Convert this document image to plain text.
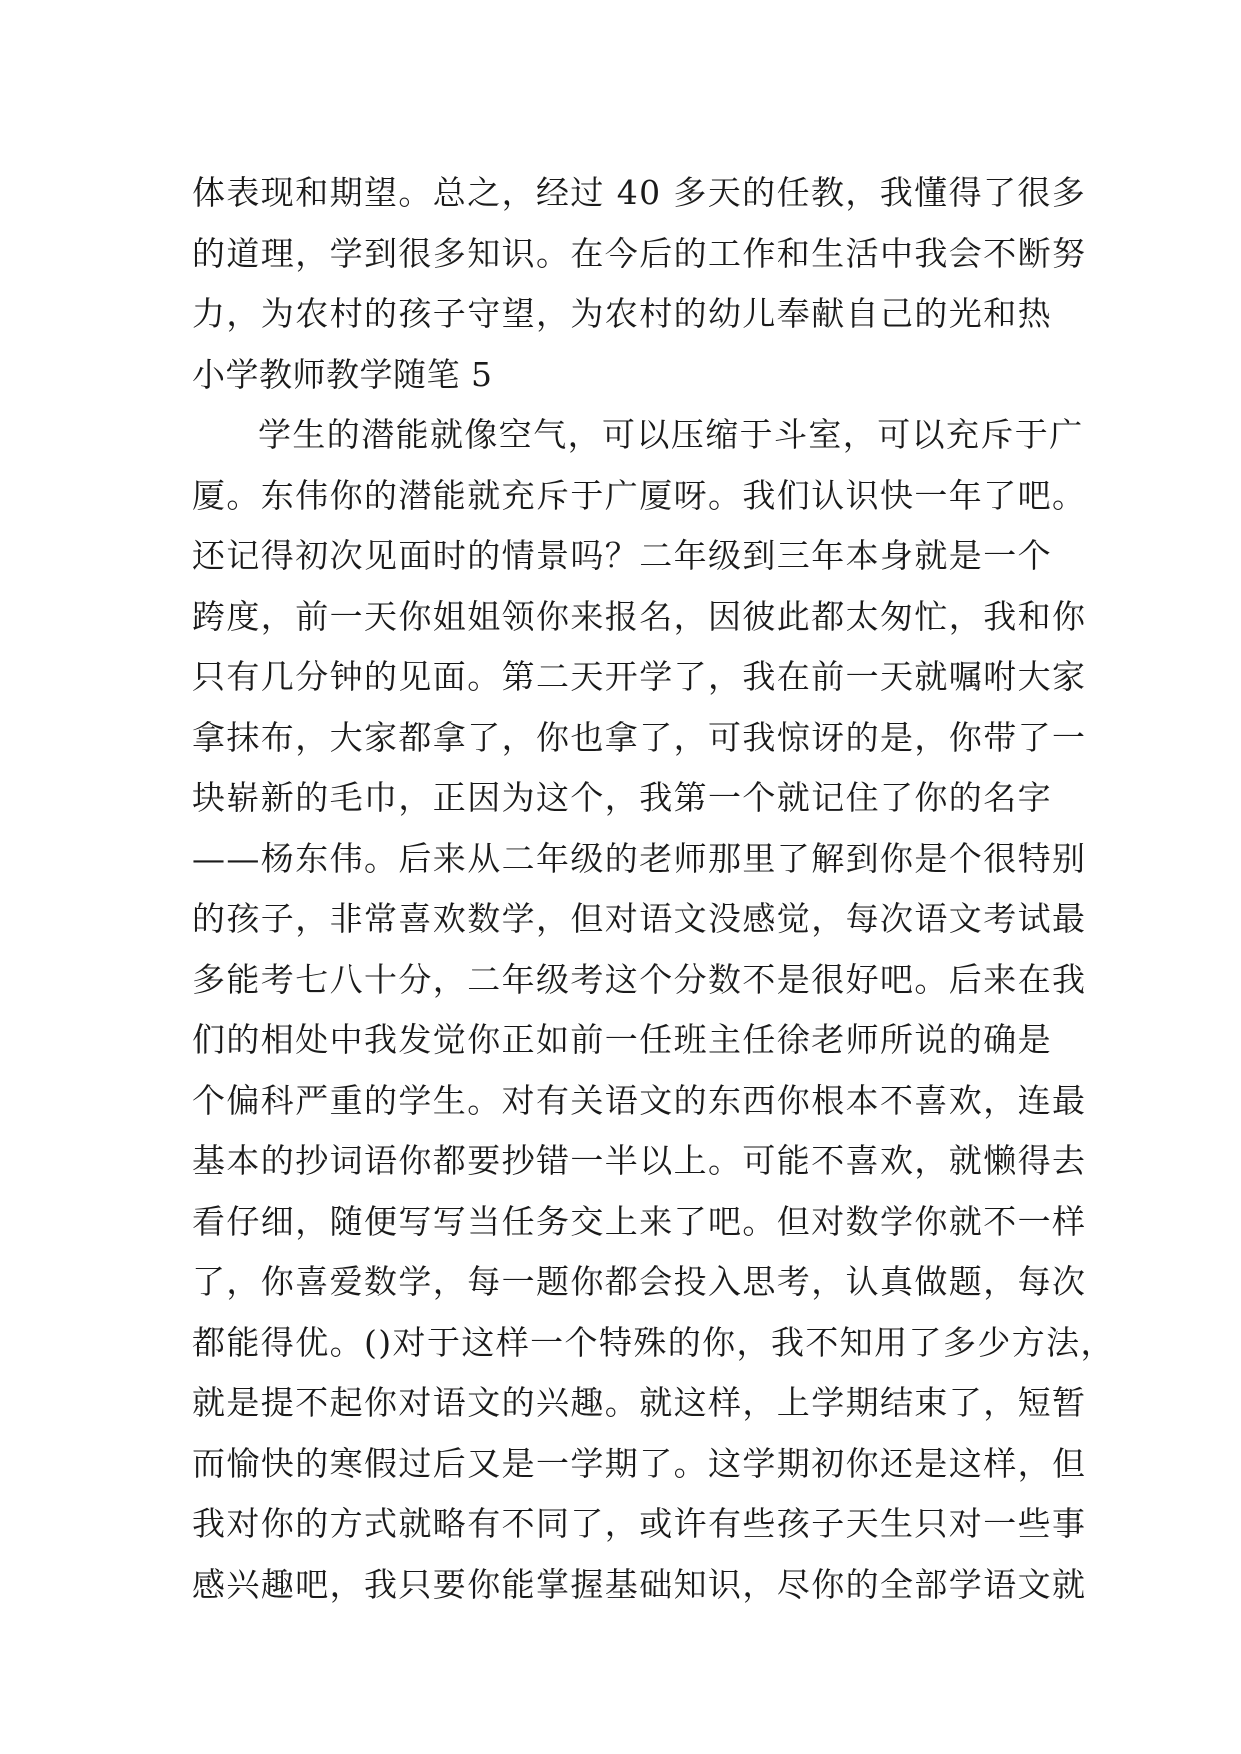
体表现和期望。总之，经过 40 多天的任教，我懂得了很多
的道理，学到很多知识。在今后的工作和生活中我会不断努
力，为农村的孩子守望，为农村的幼儿奉献自己的光和热
小学教师教学随笔 5
学生的潜能就像空气，可以压缩于斗室，可以充斥于广
厦。东伟你的潜能就充斥于广厦呀。我们认识快一年了吧。
还记得初次见面时的情景吗？二年级到三年本身就是一个
跨度，前一天你姐姐领你来报名，因彼此都太匆忙，我和你
只有几分钟的见面。第二天开学了，我在前一天就嘱咐大家
拿抹布，大家都拿了，你也拿了，可我惊讶的是，你带了一
块崭新的毛巾，正因为这个，我第一个就记住了你的名字
——杨东伟。后来从二年级的老师那里了解到你是个很特别
的孩子，非常喜欢数学，但对语文没感觉，每次语文考试最
多能考七八十分，二年级考这个分数不是很好吧。后来在我
们的相处中我发觉你正如前一任班主任徐老师所说的确是
个偏科严重的学生。对有关语文的东西你根本不喜欢，连最
基本的抄词语你都要抄错一半以上。可能不喜欢，就懒得去
看仔细，随便写写当任务交上来了吧。但对数学你就不一样
了，你喜爱数学，每一题你都会投入思考，认真做题，每次
都能得优。()对于这样一个特殊的你，我不知用了多少方法，
就是提不起你对语文的兴趣。就这样，上学期结束了，短暂
而愉快的寒假过后又是一学期了。这学期初你还是这样，但
我对你的方式就略有不同了，或许有些孩子天生只对一些事
感兴趣吧，我只要你能掌握基础知识，尽你的全部学语文就
